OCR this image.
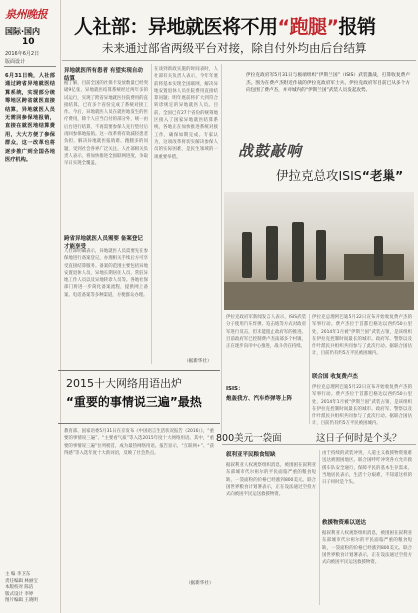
泉州晚报
国际·国内
10
2016年6月2日
版面设计
6月31日晚，人社部通过跨省异地就医结算系统，实现部分统筹地区跨省就医直接结算，异地就医人员无需回参保地报销，直接在就医地结算费用，大大方便了参保群众，这一改革也将逐步推广到全国各地医疗机构。
主 编 李卫东
责任编辑 林丽宝
本版校对 陈洁
版式设计 李婷
图片编辑 王晓明
人社部：异地就医将不用“跑腿”报销
未来通过部省两级平台对接，除自付外均由后台结算
异地就医所有患者 有望实现自动结算
据了解，目前全国的社保卡发放数量已经突破9亿张，异地就医结算系统经过两年多的试运行，实现了跨省异地就医住院费用的直接结算，已有多个省份完成了系统对接工作。今后，异地就医人员在就医地发生的医疗费用，除个人应当自付的部分外，统一由后台进行结算，不再需要参保人先行垫付后再回参保地报销。这一改革将有效减轻患者负担，解决异地就医报销难、跑腿多的问题，受到社会各界广泛关注。人社部相关负责人表示，将加快推进全国联网进度，争取早日实现全覆盖。
跨省异地就医人员需要 备案登记才能享受
人社部明确表示，异地就医人员需要先在参保地进行备案登记，办理相关手续后方可享受直接结算服务。备案的范围主要包括异地安置退休人员、异地长期居住人员、常驻异地工作人员以及异地转诊人员等。各地社保部门将进一步简化备案流程，提供网上备案、电话备案等多种渠道，方便群众办理。
在谈到新政实施的时间表时，人社部有关负责人表示，今年年底前将基本实现全国联网，解决异地安置退休人员住院费用直接结算问题；明年底前将扩大到符合转诊规定的异地就医人员。目前，全国已有27个省份的统筹地区接入了国家异地就医结算系统，各地正在加快推进系统对接工作，确保如期完成。专家认为，这项改革将切实解决参保人员的实际困难，是民生领域的一项重要举措。
（据新华社）
伊拉克政府军5月31日与极端组织“伊斯兰国”（ISIS）武装激战，打算收复费卢杰。图为在费卢杰附近作战的伊拉克政府军士兵。伊拉克政府军目前已从多个方向包围了费卢杰，并对城内的“伊斯兰国”武装人员发起攻势。
战鼓敲响
伊拉克总攻ISIS“老巢”
伊拉克政府军新闻发言人表示，ISIS武装分子使用汽车炸弹、迫击炮等方式对政府军进行反击，但未能阻止政府军的推进。目前政府军已控制费卢杰南部多个村镇，正在逐步向市中心推进，战斗仍在持续。
伊拉克总理阿巴迪5月22日宣布开始收复费卢杰的军事行动。费卢杰位于首都巴格达以西约50公里处，2014年1月被“伊斯兰国”武装占领，是该组织在伊拉克控制时间最长的城市。政府军、警察以及什叶派民兵组织共同参与了此次行动。据联合国估计，目前仍有约5万平民被困城内。
联合国 收复费卢杰
伊拉克总理阿巴迪5月22日宣布开始收复费卢杰的军事行动。费卢杰位于首都巴格达以西约50公里处，2014年1月被“伊斯兰国”武装占领，是该组织在伊拉克控制时间最长的城市。政府军、警察以及什叶派民兵组织共同参与了此次行动。据联合国估计，目前仍有约5万平民被困城内。
2015十大网络用语出炉
“重要的事情说三遍”最热
教育部、国家语委5月31日在京发布《中国语言生活状况报告（2016）》，“重要的事情说三遍”、“主要看气质”等入选2015年度十大网络用语。其中，“重要的事情说三遍”位列榜首，成为最热网络用语。报告显示，“互联网+”、“获得感”等入选年度十大新词语，反映了社会热点。
（据新华社）
ISIS：
炮轰我方、汽车炸弹等上阵
800美元一袋面	这日子何时是个头？
叙利亚平民粮食短缺
据叙利亚人权观察组织消息，被围困在叙利亚东部城市代尔祖尔的平民面临严重的粮食短缺，一袋面粉的价格已经涨到800美元。联合国世界粮食计划署表示，正在设法通过空投方式向被困平民运送救援物资。
救援物资难以送达
由于持续的武装冲突，人道主义救援物资很难送达被围困地区。联合国呼吁冲突各方允许救援车队安全通行，保障平民的基本生存需求。当地居民表示，生活十分艰难，不知道这样的日子何时是个头。
据叙利亚人权观察组织消息，被围困在叙利亚东部城市代尔祖尔的平民面临严重的粮食短缺，一袋面粉的价格已经涨到800美元。联合国世界粮食计划署表示，正在设法通过空投方式向被困平民运送救援物资。
